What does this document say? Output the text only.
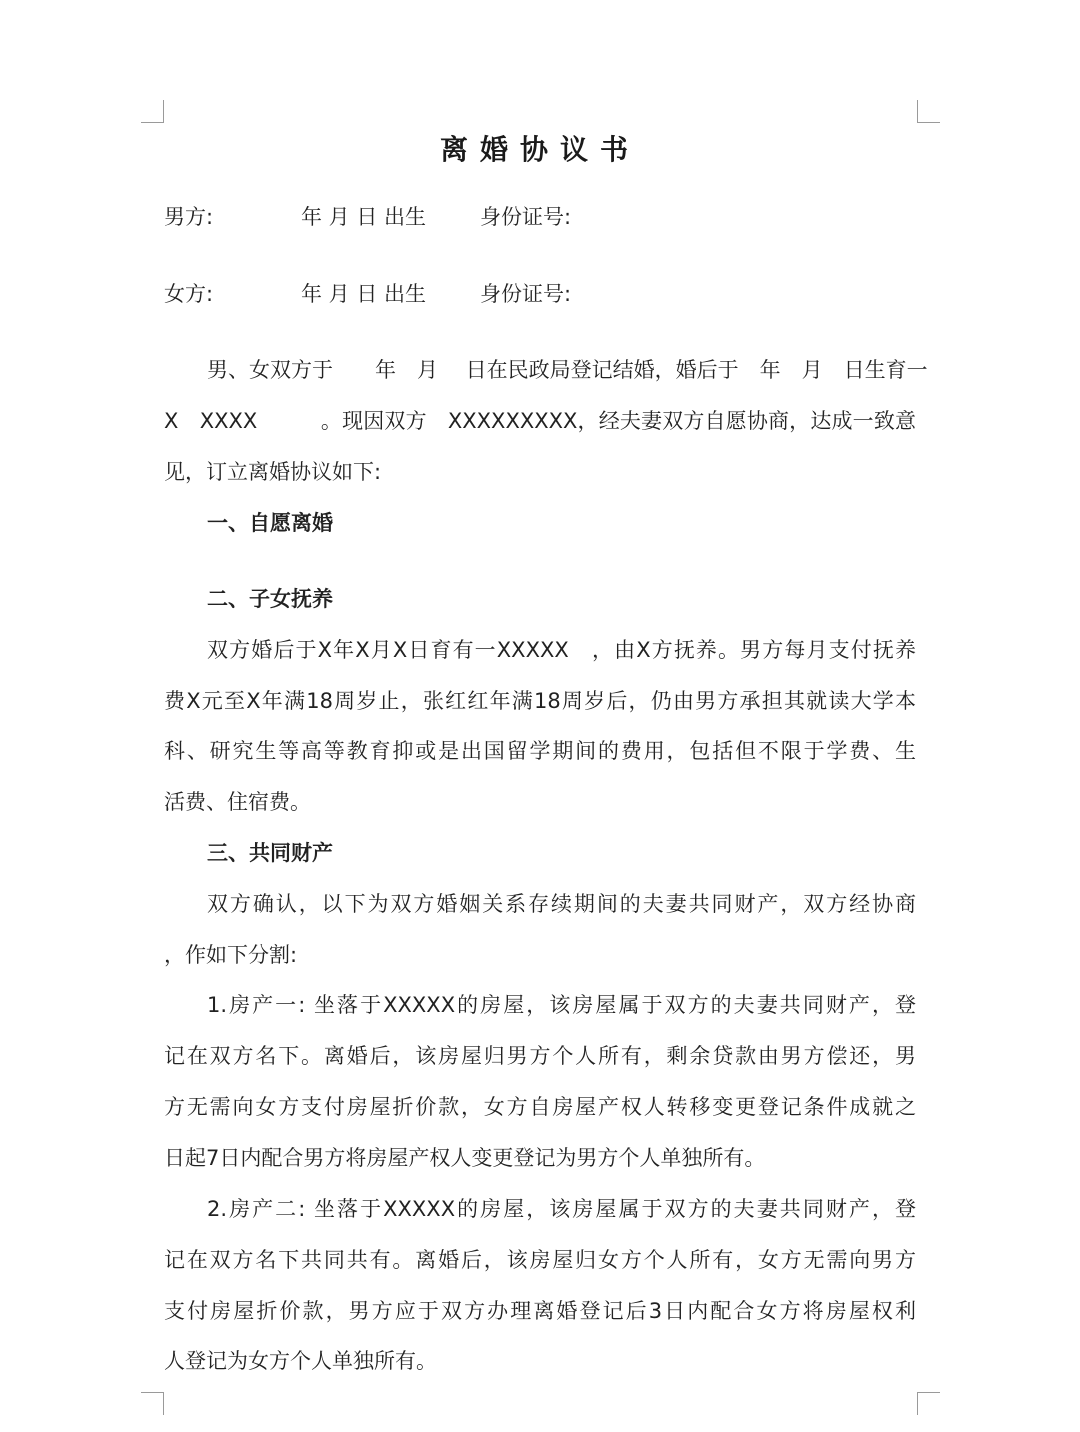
离婚协议书
男方:	年 月 日 出生	身份证号:
女方:	年 月 日 出生	身份证号:
男、女双方于　　年　月　 日在民政局登记结婚，婚后于　年　月　日生育一
X　XXXX　　　。现因双方　XXXXXXXXX，经夫妻双方自愿协商，达成一致意
见，订立离婚协议如下:
一、自愿离婚
二、子女抚养
双方婚后于X年X月X日育有一XXXXX　，由X方抚养。男方每月支付抚养
费X元至X年满18周岁止，张红红年满18周岁后，仍由男方承担其就读大学本
科、研究生等高等教育抑或是出国留学期间的费用，包括但不限于学费、生
活费、住宿费。
三、共同财产
双方确认，以下为双方婚姻关系存续期间的夫妻共同财产，双方经协商
，作如下分割:
1.房产一: 坐落于XXXXX的房屋，该房屋属于双方的夫妻共同财产，登
记在双方名下。离婚后，该房屋归男方个人所有，剩余贷款由男方偿还，男
方无需向女方支付房屋折价款，女方自房屋产权人转移变更登记条件成就之
日起7日内配合男方将房屋产权人变更登记为男方个人单独所有。
2.房产二: 坐落于XXXXX的房屋，该房屋属于双方的夫妻共同财产，登
记在双方名下共同共有。离婚后，该房屋归女方个人所有，女方无需向男方
支付房屋折价款，男方应于双方办理离婚登记后3日内配合女方将房屋权利
人登记为女方个人单独所有。
